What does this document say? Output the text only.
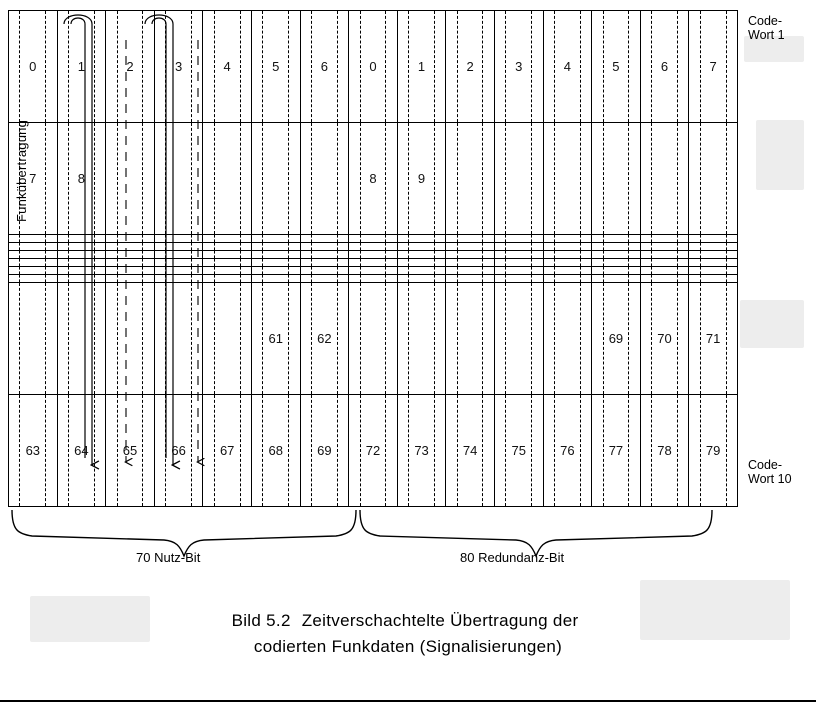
0	1	2	3	4	5	6	0	1	2	3	4	5	6	7

7	8						8	9						

					61	62						69	70	71

63	64	65	66	67	68	69	72	73	74	75	76	77	78	79
Funkübertragung
Code-
Wort 1
Code-
Wort 10
70 Nutz-Bit	80 Redundanz-Bit
Bild 5.2 Zeitverschachtelte Übertragung der
codierten Funkdaten (Signalisierungen)
